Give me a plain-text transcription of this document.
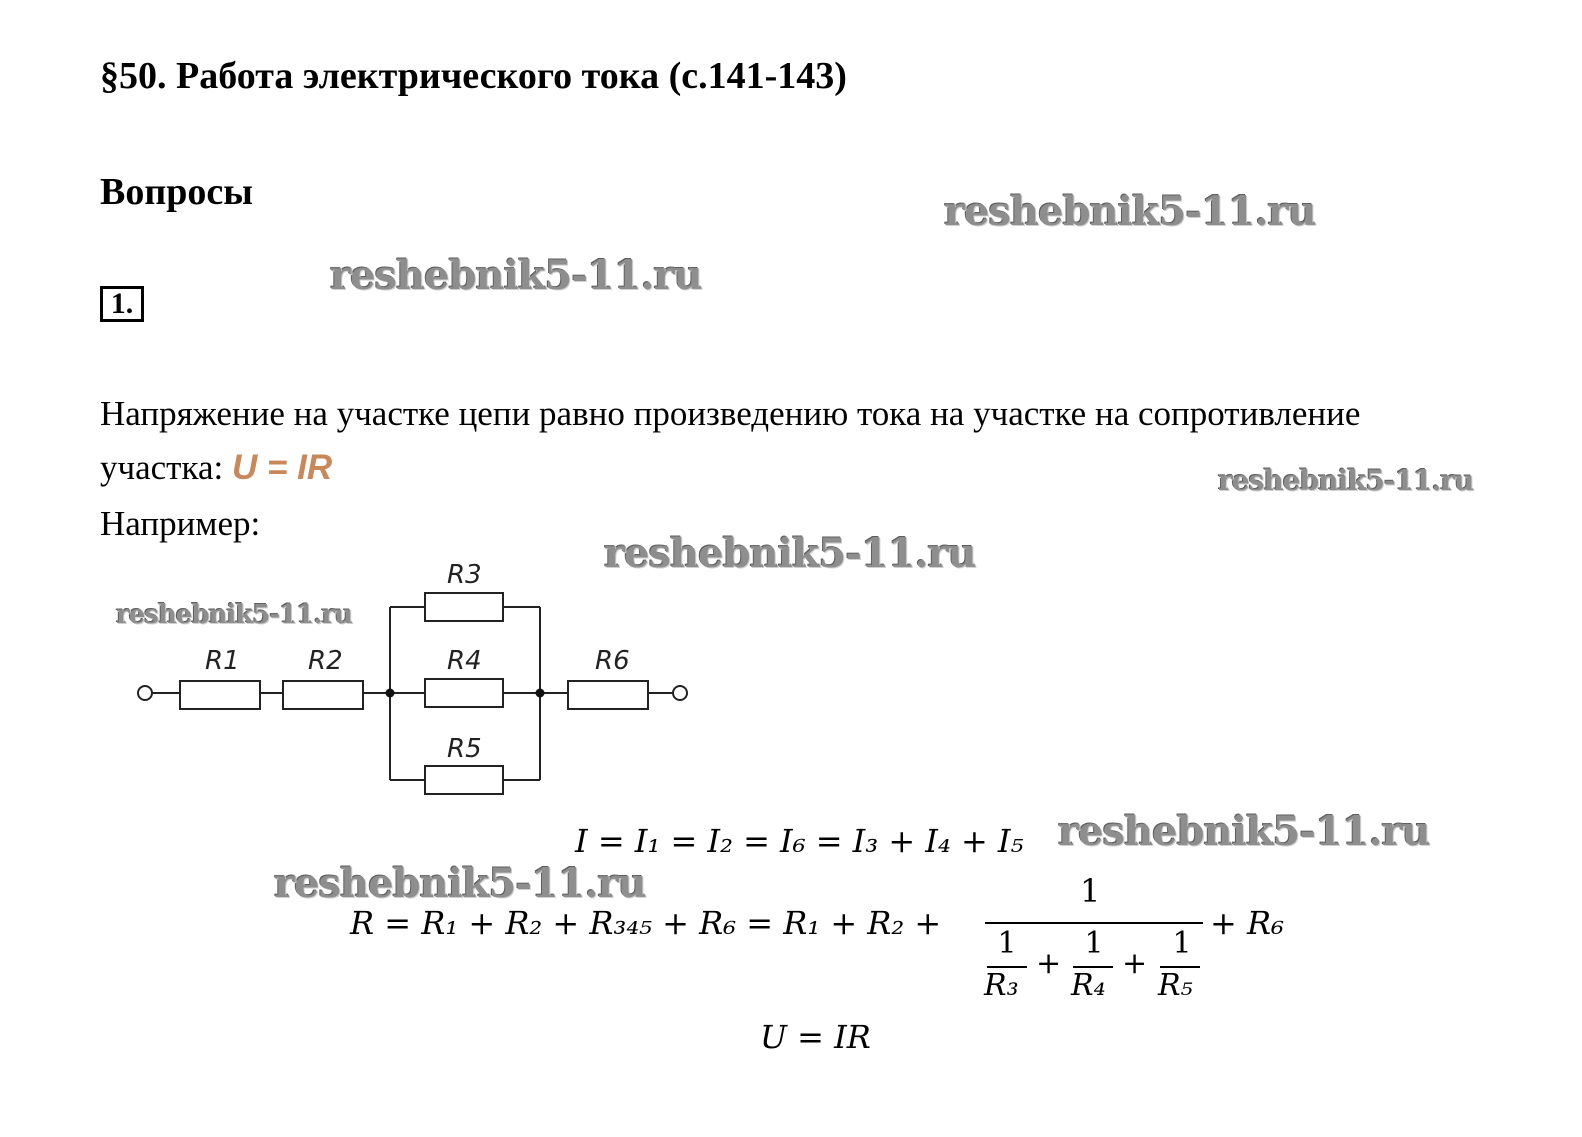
§50. Работа электрического тока (с.141-143)
Вопросы
1.
Напряжение на участке цепи равно произведению тока на участке на сопротивление
участка: U = IR
Например:
reshebnik5-11.ru
reshebnik5-11.ru
reshebnik5-11.ru
reshebnik5-11.ru
reshebnik5-11.ru
reshebnik5-11.ru
reshebnik5-11.ru
R1	R2
R3
R4
R5
R6
I = I₁ = I₂ = I₆ = I₃ + I₄ + I₅
R = R₁ + R₂ + R₃₄₅ + R₆ = R₁ + R₂ +
1
1
R₃
+
1
R₄
+
1
R₅
+ R₆
U = IR
